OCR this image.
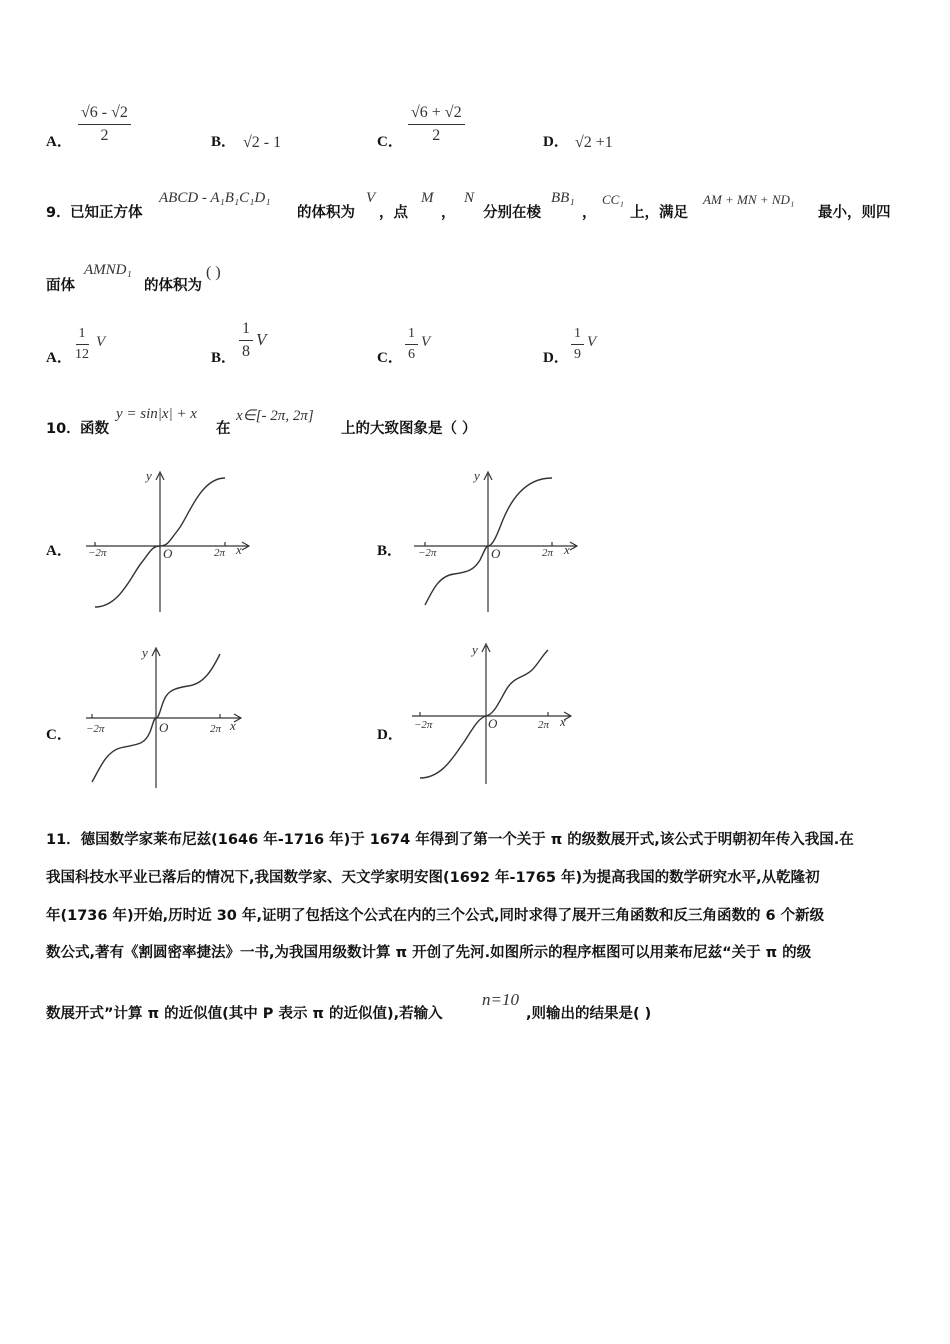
A． $\frac{√6 - √2}{2}$	B． √2 - 1	C． $\frac{√6 + √2}{2}$	D． √2 +1
9． 已知正方体
ABCD - A₁B₁C₁D₁
的体积为
V
，点
M
，
N
分别在棱
BB₁
，
CC₁
上，满足
AM + MN + ND₁
最小，则四
面体
AMND₁
的体积为
( )
A． $\frac{1}{12}$ V
B． $\frac{1}{8}$ V
C． $\frac{1}{6}$ V
D． $\frac{1}{9}$ V
10． 函数
y = sin|x| + x
在
x∈[- 2π, 2π]
上的大致图象是（ ）
A．	B．
C．	D．
y
x
O
−2π	2π
y
x
O
−2π	2π
y
x
O
−2π	2π
y
x
O
−2π	2π
11．德国数学家莱布尼兹(1646 年-1716 年)于 1674 年得到了第一个关于 π 的级数展开式,该公式于明朝初年传入我国.在
我国科技水平业已落后的情况下,我国数学家、天文学家明安图(1692 年-1765 年)为提高我国的数学研究水平,从乾隆初
年(1736 年)开始,历时近 30 年,证明了包括这个公式在内的三个公式,同时求得了展开三角函数和反三角函数的 6 个新级
数公式,著有《割圆密率捷法》一书,为我国用级数计算 π 开创了先河.如图所示的程序框图可以用莱布尼兹“关于 π 的级
数展开式”计算 π 的近似值(其中 P 表示 π 的近似值),若输入
n=10
,则输出的结果是( )
